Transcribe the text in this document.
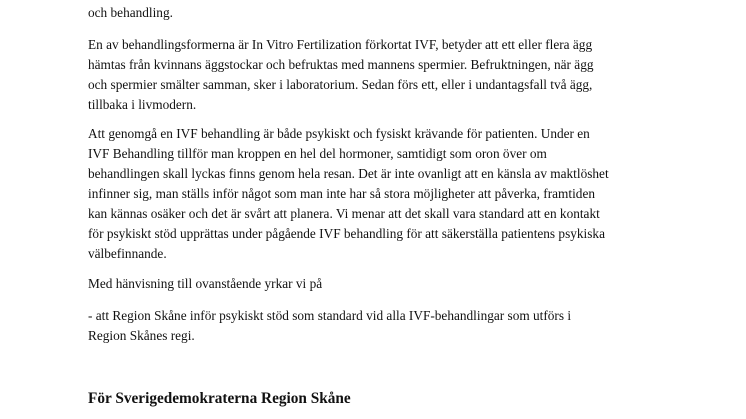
och behandling.

En av behandlingsformerna är In Vitro Fertilization förkortat IVF, betyder att ett eller flera ägg
hämtas från kvinnans äggstockar och befruktas med mannens spermier. Befruktningen, när ägg
och spermier smälter samman, sker i laboratorium. Sedan förs ett, eller i undantagsfall två ägg,
tillbaka i livmodern.

Att genomgå en IVF behandling är både psykiskt och fysiskt krävande för patienten. Under en
IVF Behandling tillför man kroppen en hel del hormoner, samtidigt som oron över om
behandlingen skall lyckas finns genom hela resan. Det är inte ovanligt att en känsla av maktlöshet
infinner sig, man ställs inför något som man inte har så stora möjligheter att påverka, framtiden
kan kännas osäker och det är svårt att planera. Vi menar att det skall vara standard att en kontakt
för psykiskt stöd upprättas under pågående IVF behandling för att säkerställa patientens psykiska
välbefinnande.

Med hänvisning till ovanstående yrkar vi på

- att Region Skåne inför psykiskt stöd som standard vid alla IVF-behandlingar som utförs i
Region Skånes regi.

För Sverigedemokraterna Region Skåne
